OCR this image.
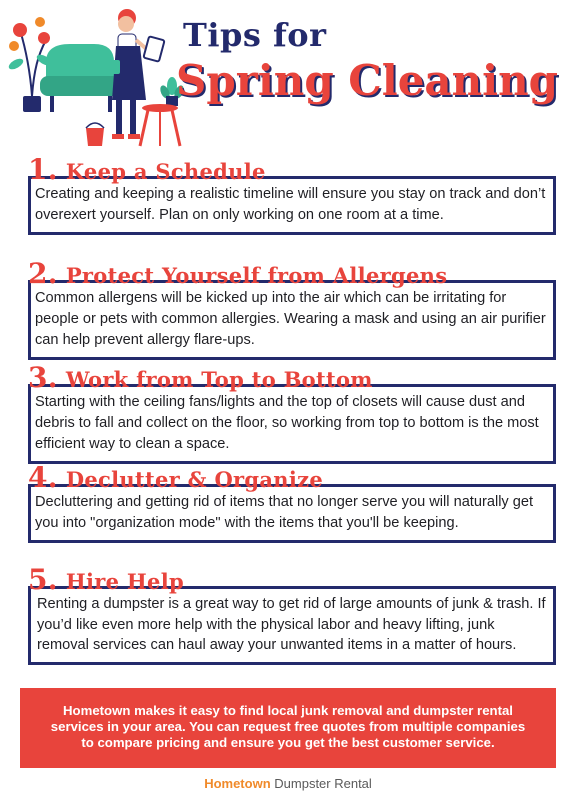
Tips for
Spring Cleaning
1. Keep a Schedule
Creating and keeping a realistic timeline will ensure you stay on track and don’t overexert yourself. Plan on only working on one room at a time.
2. Protect Yourself from Allergens
Common allergens will be kicked up into the air which can be irritating for people or pets with common allergies. Wearing a mask and using an air purifier can help prevent allergy flare-ups.
3. Work from Top to Bottom
Starting with the ceiling fans/lights and the top of closets will cause dust and debris to fall and collect on the floor, so working from top to bottom is the most efficient way to clean a space.
4. Declutter & Organize
Decluttering and getting rid of items that no longer serve you will naturally get you into "organization mode" with the items that you'll be keeping.
5. Hire Help
Renting a dumpster is a great way to get rid of large amounts of junk & trash. If you’d like even more help with the physical labor and heavy lifting, junk removal services can haul away your unwanted items in a matter of hours.
Hometown makes it easy to find local junk removal and dumpster rental services in your area. You can request free quotes from multiple companies to compare pricing and ensure you get the best customer service.
Hometown Dumpster Rental
